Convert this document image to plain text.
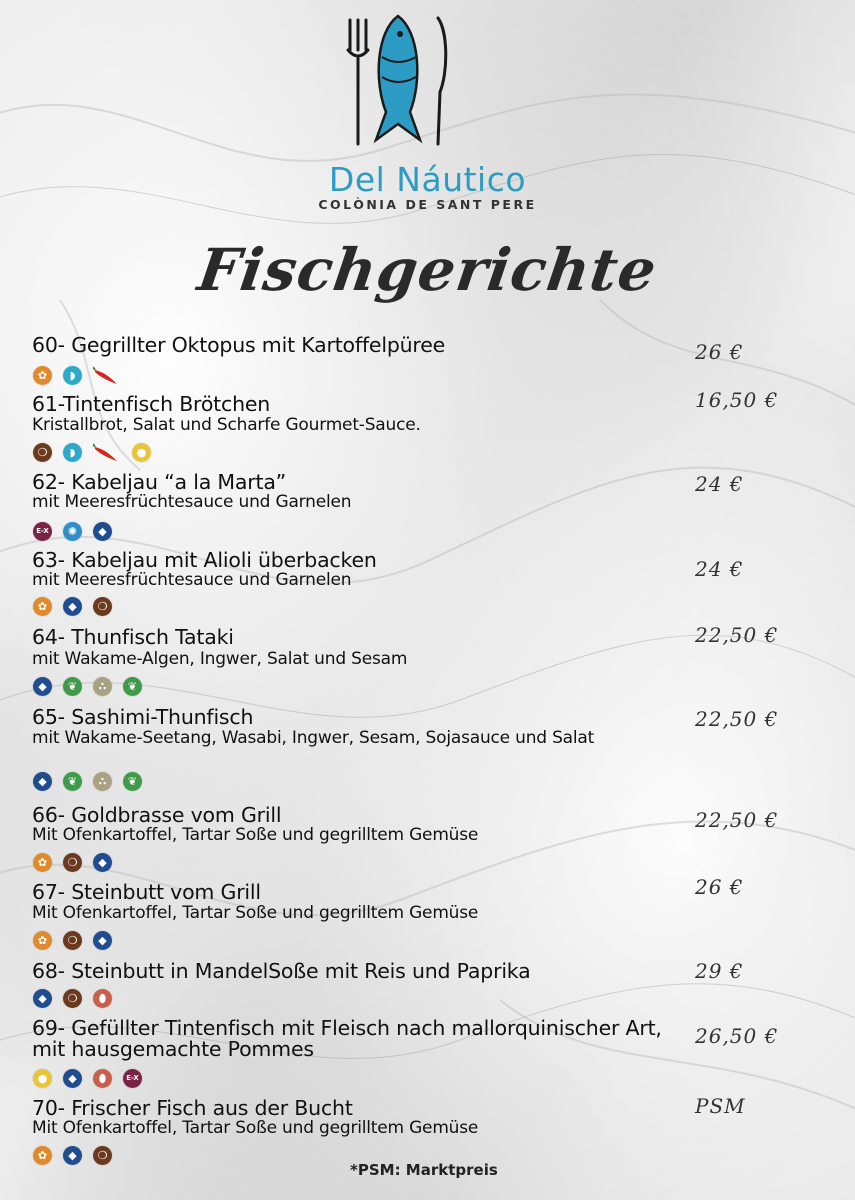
Del Náutico
COLÒNIA DE SANT PERE
Fischgerichte
60- Gegrillter Oktopus mit Kartoffelpüree	26 €
✿	◗
61-Tintenfisch Brötchen
Kristallbrot, Salat und Scharfe Gourmet-Sauce.
16,50 €
❍	◗	●
62- Kabeljau “a la Marta”
mit Meeresfrüchtesauce und Garnelen
24 €
E-X	✺	◆
63- Kabeljau mit Alioli überbacken
mit Meeresfrüchtesauce und Garnelen	24 €
✿	◆	❍
64- Thunfisch Tataki
mit Wakame-Algen, Ingwer, Salat und Sesam
22,50 €
◆	❦	∴	❦
65- Sashimi-Thunfisch
mit Wakame-Seetang, Wasabi, Ingwer, Sesam, Sojasauce und Salat
22,50 €
◆	❦	∴	❦
66- Goldbrasse vom Grill
Mit Ofenkartoffel, Tartar Soße und gegrilltem Gemüse
22,50 €
✿	❍	◆
67- Steinbutt vom Grill
Mit Ofenkartoffel, Tartar Soße und gegrilltem Gemüse
26 €
✿	❍	◆
68- Steinbutt in MandelSoße mit Reis und Paprika	29 €
◆	❍	⬮
69- Gefüllter Tintenfisch mit Fleisch nach mallorquinischer Art, mit hausgemachte Pommes
26,50 €
●	◆	⬮	E-X
70- Frischer Fisch aus der Bucht
Mit Ofenkartoffel, Tartar Soße und gegrilltem Gemüse
PSM
✿	◆	❍
*PSM: Marktpreis
